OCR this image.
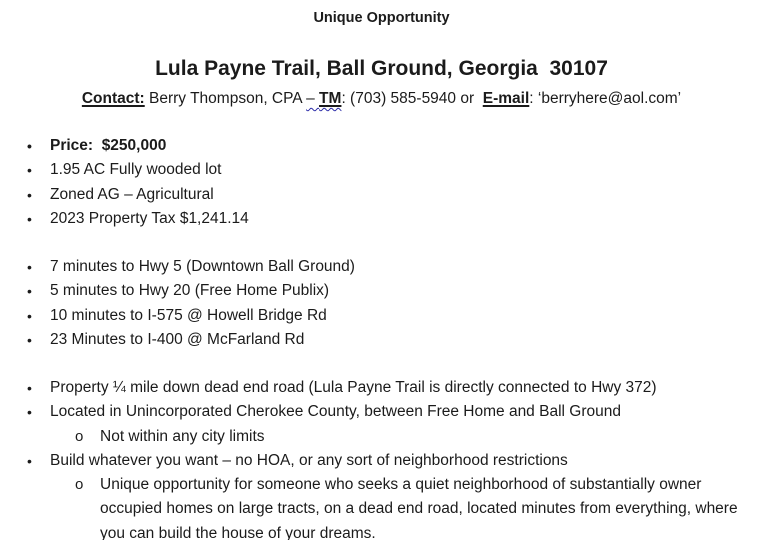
Unique Opportunity
Lula Payne Trail, Ball Ground, Georgia  30107
Contact: Berry Thompson, CPA – TM: (703) 585-5940 or  E-mail: ‘berryhere@aol.com’
•	Price:  $250,000
•	1.95 AC Fully wooded lot
•	Zoned AG – Agricultural
•	2023 Property Tax $1,241.14
•	7 minutes to Hwy 5 (Downtown Ball Ground)
•	5 minutes to Hwy 20 (Free Home Publix)
•	10 minutes to I-575 @ Howell Bridge Rd
•	23 Minutes to I-400 @ McFarland Rd
•	Property ¼ mile down dead end road (Lula Payne Trail is directly connected to Hwy 372)
•	Located in Unincorporated Cherokee County, between Free Home and Ball Ground
o	Not within any city limits
•	Build whatever you want – no HOA, or any sort of neighborhood restrictions
o	Unique opportunity for someone who seeks a quiet neighborhood of substantially owner occupied homes on large tracts, on a dead end road, located minutes from everything, where you can build the house of your dreams.
